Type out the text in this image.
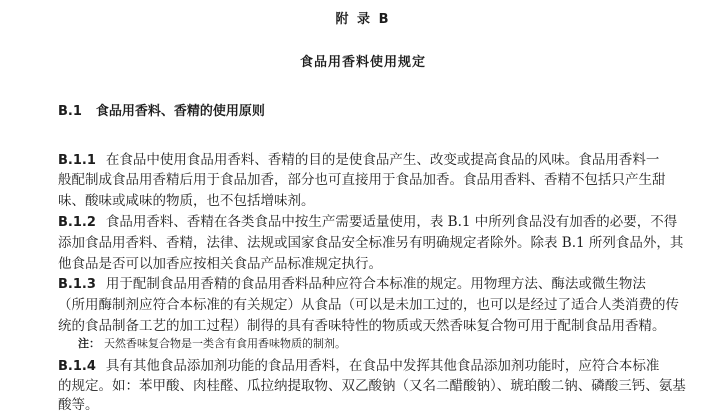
附 录 B
食品用香料使用规定
B.1 食品用香料、香精的使用原则

B.1.1 在食品中使用食品用香料、香精的目的是使食品产生、改变或提高食品的风味。食品用香料一

般配制成食品用香精后用于食品加香，部分也可直接用于食品加香。食品用香料、香精不包括只产生甜

味、酸味或咸味的物质，也不包括增味剂。

B.1.2 食品用香料、香精在各类食品中按生产需要适量使用，表 B.1 中所列食品没有加香的必要，不得

添加食品用香料、香精，法律、法规或国家食品安全标准另有明确规定者除外。除表 B.1 所列食品外，其

他食品是否可以加香应按相关食品产品标准规定执行。

B.1.3 用于配制食品用香精的食品用香料品种应符合本标准的规定。用物理方法、酶法或微生物法

（所用酶制剂应符合本标准的有关规定）从食品（可以是未加工过的，也可以是经过了适合人类消费的传

统的食品制备工艺的加工过程）制得的具有香味特性的物质或天然香味复合物可用于配制食品用香精。

注： 天然香味复合物是一类含有食用香味物质的制剂。

B.1.4 具有其他食品添加剂功能的食品用香料，在食品中发挥其他食品添加剂功能时，应符合本标准

的规定。如：苯甲酸、肉桂醛、瓜拉纳提取物、双乙酸钠（又名二醋酸钠）、琥珀酸二钠、磷酸三钙、氨基

酸等。
